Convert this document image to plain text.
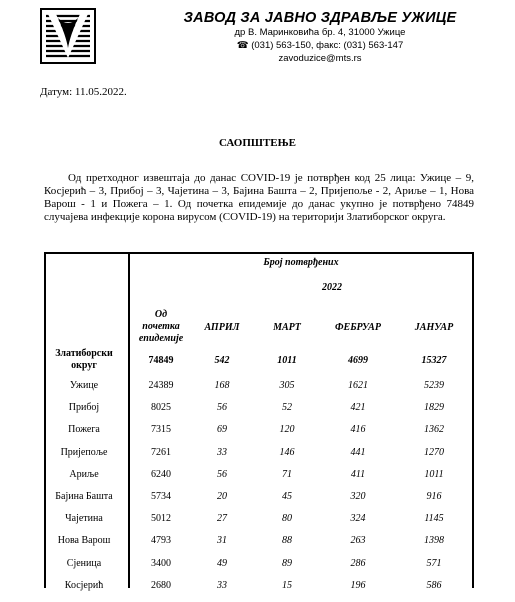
ЗАВОД ЗА ЈАВНО ЗДРАВЉЕ УЖИЦЕ
др В. Маринковића бр. 4, 31000 Ужице
☎ (031) 563-150, факс: (031) 563-147
zavoduzice@mts.rs
Датум: 11.05.2022.
САОПШТЕЊЕ
Од претходног извештаја до данас COVID-19 је потврђен код 25 лица: Ужице – 9, Косјерић – 3, Прибој – 3, Чајетина – 3, Бајина Башта – 2, Пријепоље - 2, Ариље – 1, Нова Варош - 1 и Пожега – 1. Од почетка епидемије до данас укупно је потврђено 74849 случајева инфекције корона вирусом (COVID-19) на територији Златиборског округа.
Број потврђених
2022
Од
почетка
епидемије
АПРИЛ	МАРТ	ФЕБРУАР	ЈАНУАР
Златиборски
округ	74849	542	1011	4699	15327
Ужице	24389	168	305	1621	5239
Прибој	8025	56	52	421	1829
Пожега	7315	69	120	416	1362
Пријепоље	7261	33	146	441	1270
Ариље	6240	56	71	411	1011
Бајина Башта	5734	20	45	320	916
Чајетина	5012	27	80	324	1145
Нова Варош	4793	31	88	263	1398
Сјеница	3400	49	89	286	571
Косјерић	2680	33	15	196	586
